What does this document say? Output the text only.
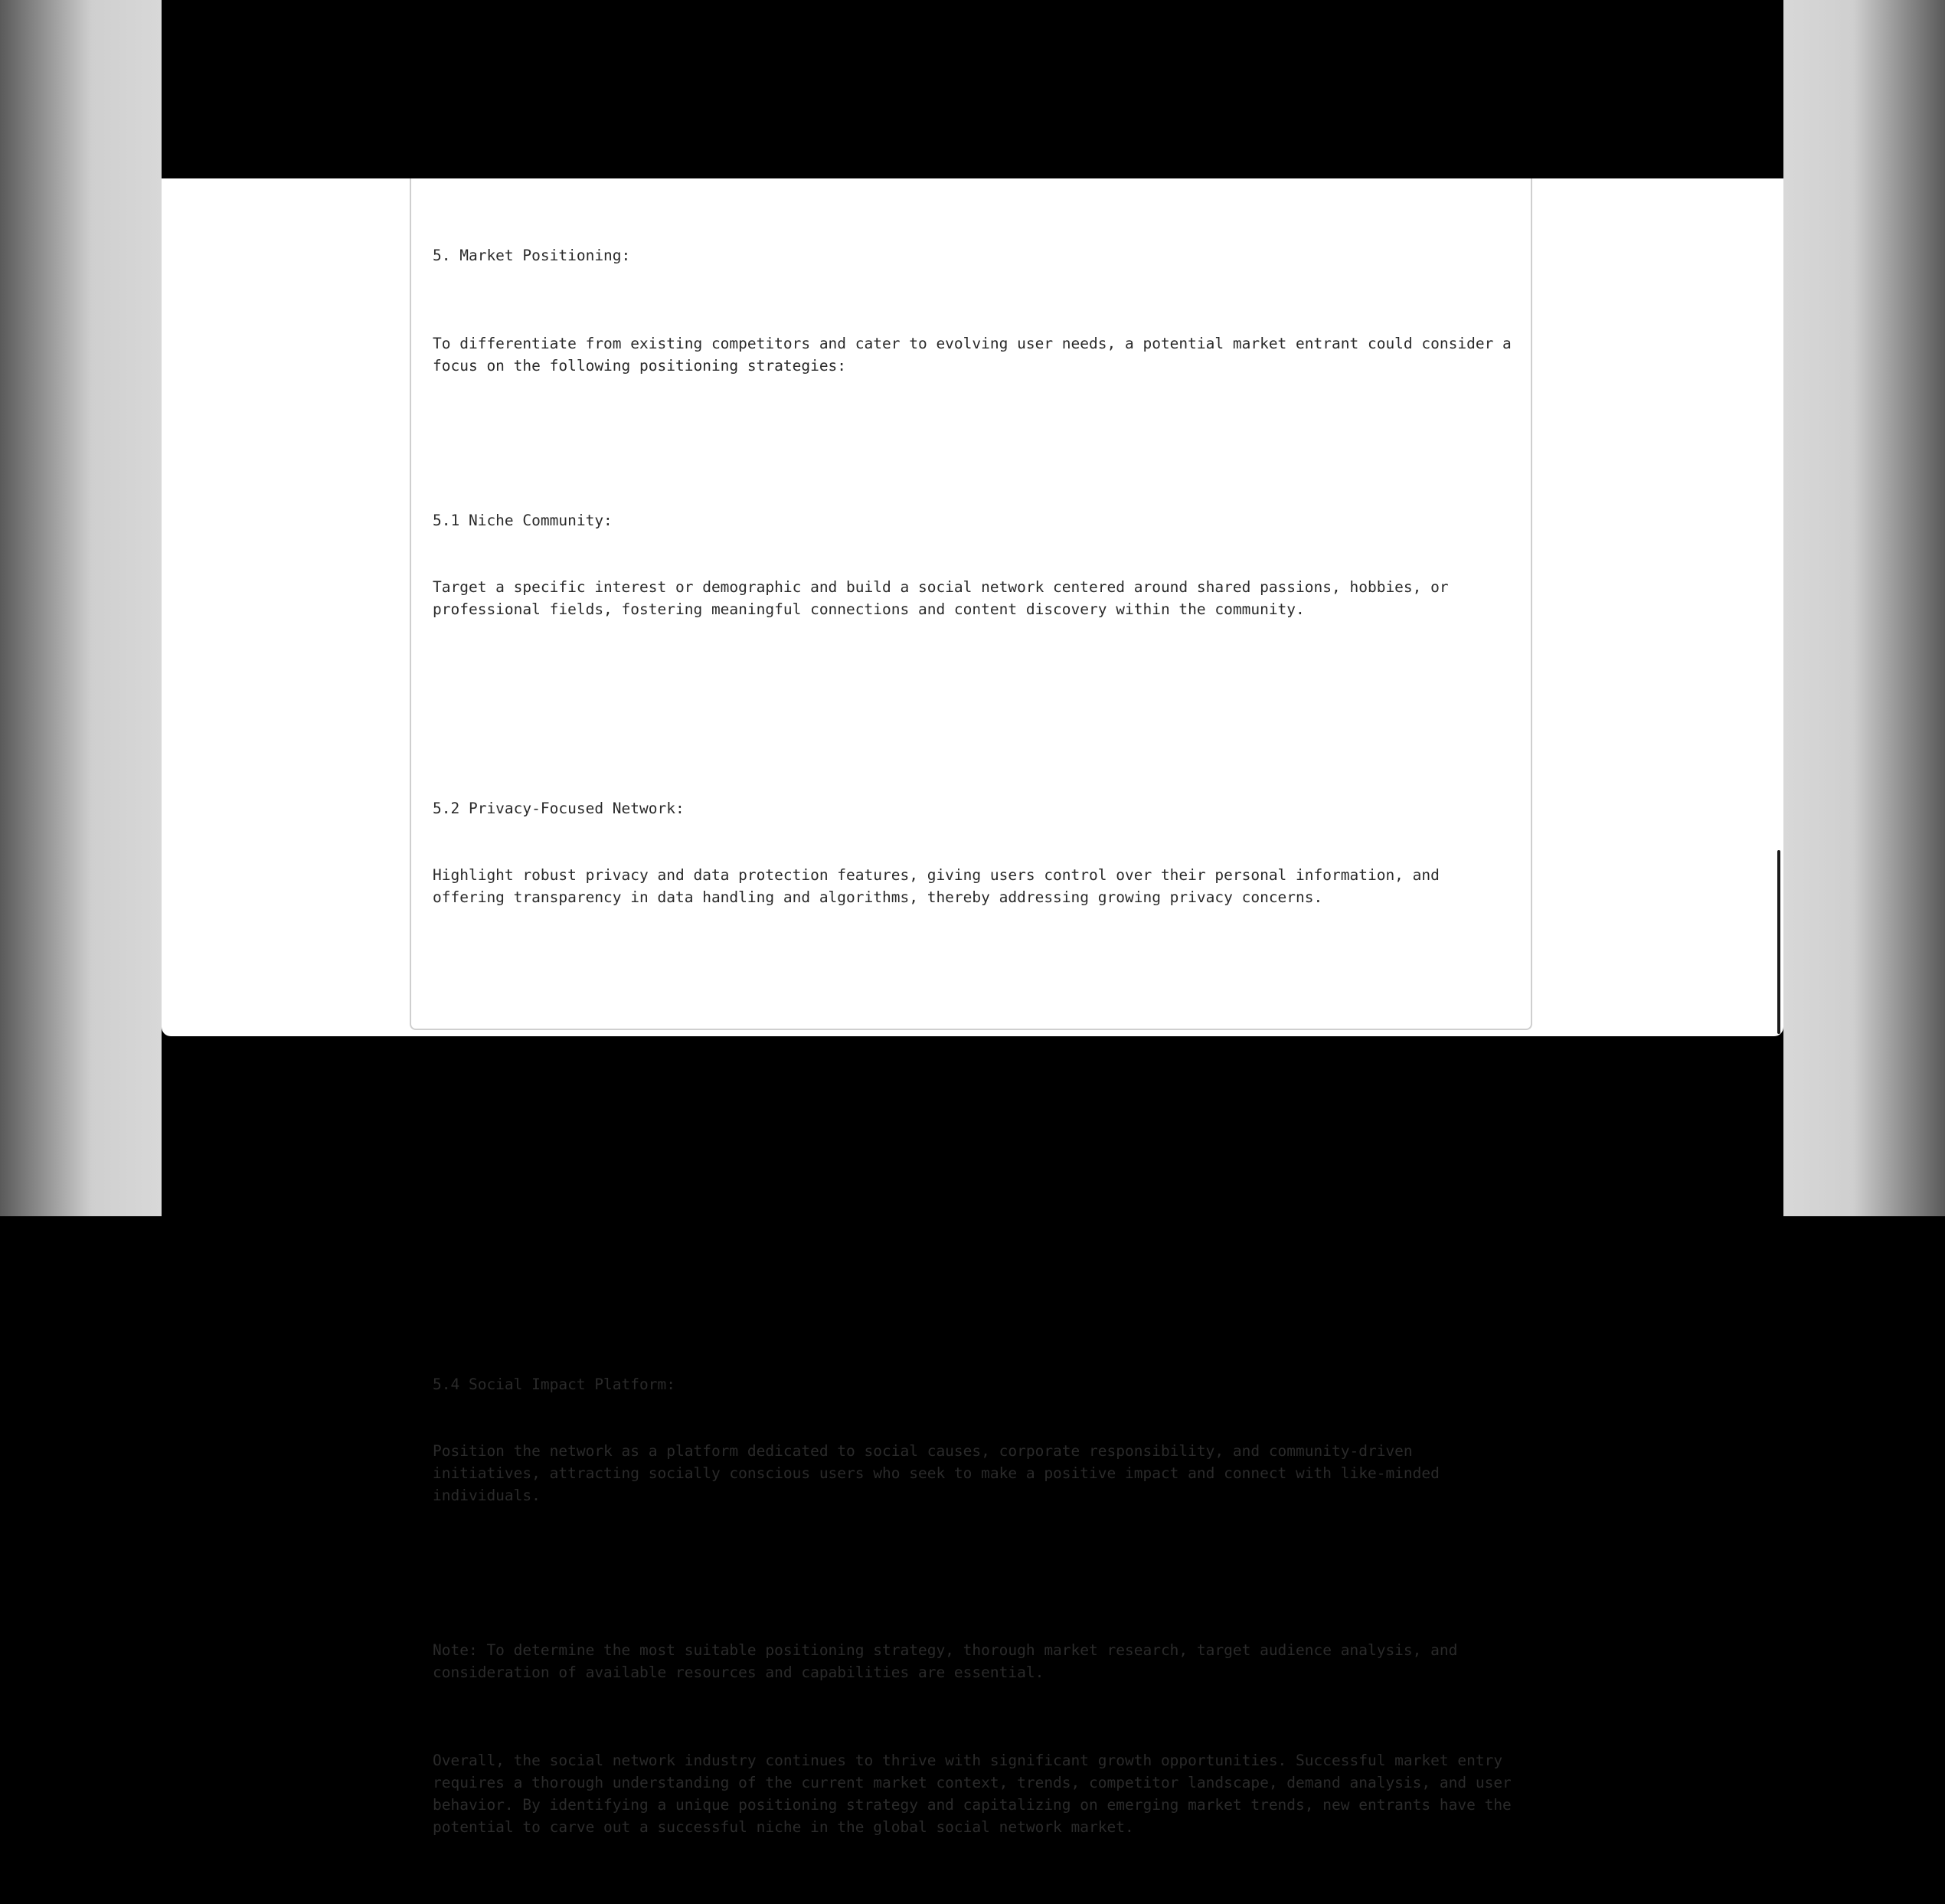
5. Market Positioning:

To differentiate from existing competitors and cater to evolving user needs, a potential market entrant could consider a focus on the following positioning strategies:

5.1 Niche Community:

Target a specific interest or demographic and build a social network centered around shared passions, hobbies, or professional fields, fostering meaningful connections and content discovery within the community.

5.2 Privacy-Focused Network:

Highlight robust privacy and data protection features, giving users control over their personal information, and offering transparency in data handling and algorithms, thereby addressing growing privacy concerns.

5.4 Social Impact Platform:

Position the network as a platform dedicated to social causes, corporate responsibility, and community-driven initiatives, attracting socially conscious users who seek to make a positive impact and connect with like-minded individuals.

Note: To determine the most suitable positioning strategy, thorough market research, target audience analysis, and consideration of available resources and capabilities are essential.

Overall, the social network industry continues to thrive with significant growth opportunities. Successful market entry requires a thorough understanding of the current market context, trends, competitor landscape, demand analysis, and user behavior. By identifying a unique positioning strategy and capitalizing on emerging market trends, new entrants have the potential to carve out a successful niche in the global social network market.
